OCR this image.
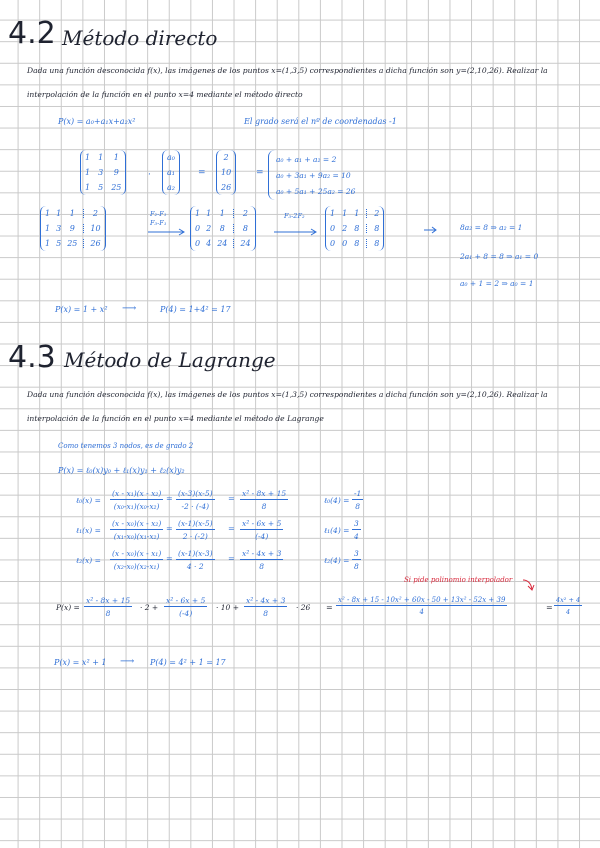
4.2 Método directo
Dada una función desconocida f(x), las imágenes de los puntos x=(1,3,5) correspondientes a dicha función son y=(2,10,26). Realizar la
interpolación de la función en el punto x=4 mediante el método directo
P(x) = a₀+a₁x+a₂x²	El grado será el nº de coordenadas -1
1 1	1
1 3	9
1 5 25
·
a₀
a₁
a₂
=
2
10
26
=
a₀ + a₁ + a₂ = 2
a₀ + 3a₁ + 9a₂ = 10
a₀ + 5a₁ + 25a₂ = 26
1 1	1	2
1 3	9	10
1 5 25 26
F₂-F₁
F₃-F₁
1 1	1	2
0 2	8	8
0 4 24 24
F₃-2F₂	1 1 1 2
0 2 8 8
0 0 8 8
8a₂ = 8 ⇒ a₂ = 1
2a₁ + 8 = 8 ⇒ a₁ = 0
a₀ + 1 = 2 ⇒ a₀ = 1
P(x) = 1 + x² ⟶	P(4) = 1+4² = 17
4.3 Método de Lagrange
Dada una función desconocida f(x), las imágenes de los puntos x=(1,3,5) correspondientes a dicha función son y=(2,10,26). Realizar la
interpolación de la función en el punto x=4 mediante el método de Lagrange
Como tenemos 3 nodos, es de grado 2
P(x) = ℓ₀(x)y₀ + ℓ₁(x)y₁ + ℓ₂(x)y₂
ℓ₀(x) = $\frac{\text{(x - x₁)(x - x₂)}}{\text{(x₀-x₁)(x₀-x₂)}} = \frac{(x-3)(x-5)}{-2 \cdot (-4)} = \frac{\text{x² - 8x + 15}}{8}$	ℓ₀(4) = $\frac{-1}{8}$
ℓ₁(x) = $\frac{\text{(x - x₀)(x - x₂)}}{\text{(x₁-x₀)(x₁-x₂)}} = \frac{(x-1)(x-5)}{2 \cdot (-2)} = \frac{\text{x² - 6x + 5}}{(-4)}$	ℓ₁(4) = $\frac{3}{4}$
ℓ₂(x) = $\frac{\text{(x - x₀)(x - x₁)}}{\text{(x₂-x₀)(x₂-x₁)}} = \frac{(x-1)(x-3)}{4 \cdot 2} = \frac{\text{x² - 4x + 3}}{8}$	ℓ₂(4) = $\frac{3}{8}$
Si pide polinomio interpolador
$P(x) = \frac{\text{x² - 8x + 15}}{8} \cdot 2 + \frac{\text{x² - 6x + 5}}{(-4)} \cdot 10 + \frac{\text{x² - 4x + 3}}{8} \cdot 26 = \frac{\text{x² - 8x + 15 - 10x² + 60x - 50 + 13x² - 52x + 39}}{4}$	= $\frac{\text{4x² + 4}}{4}$
P(x) = x² + 1 ⟶ P(4) = 4² + 1 = 17
